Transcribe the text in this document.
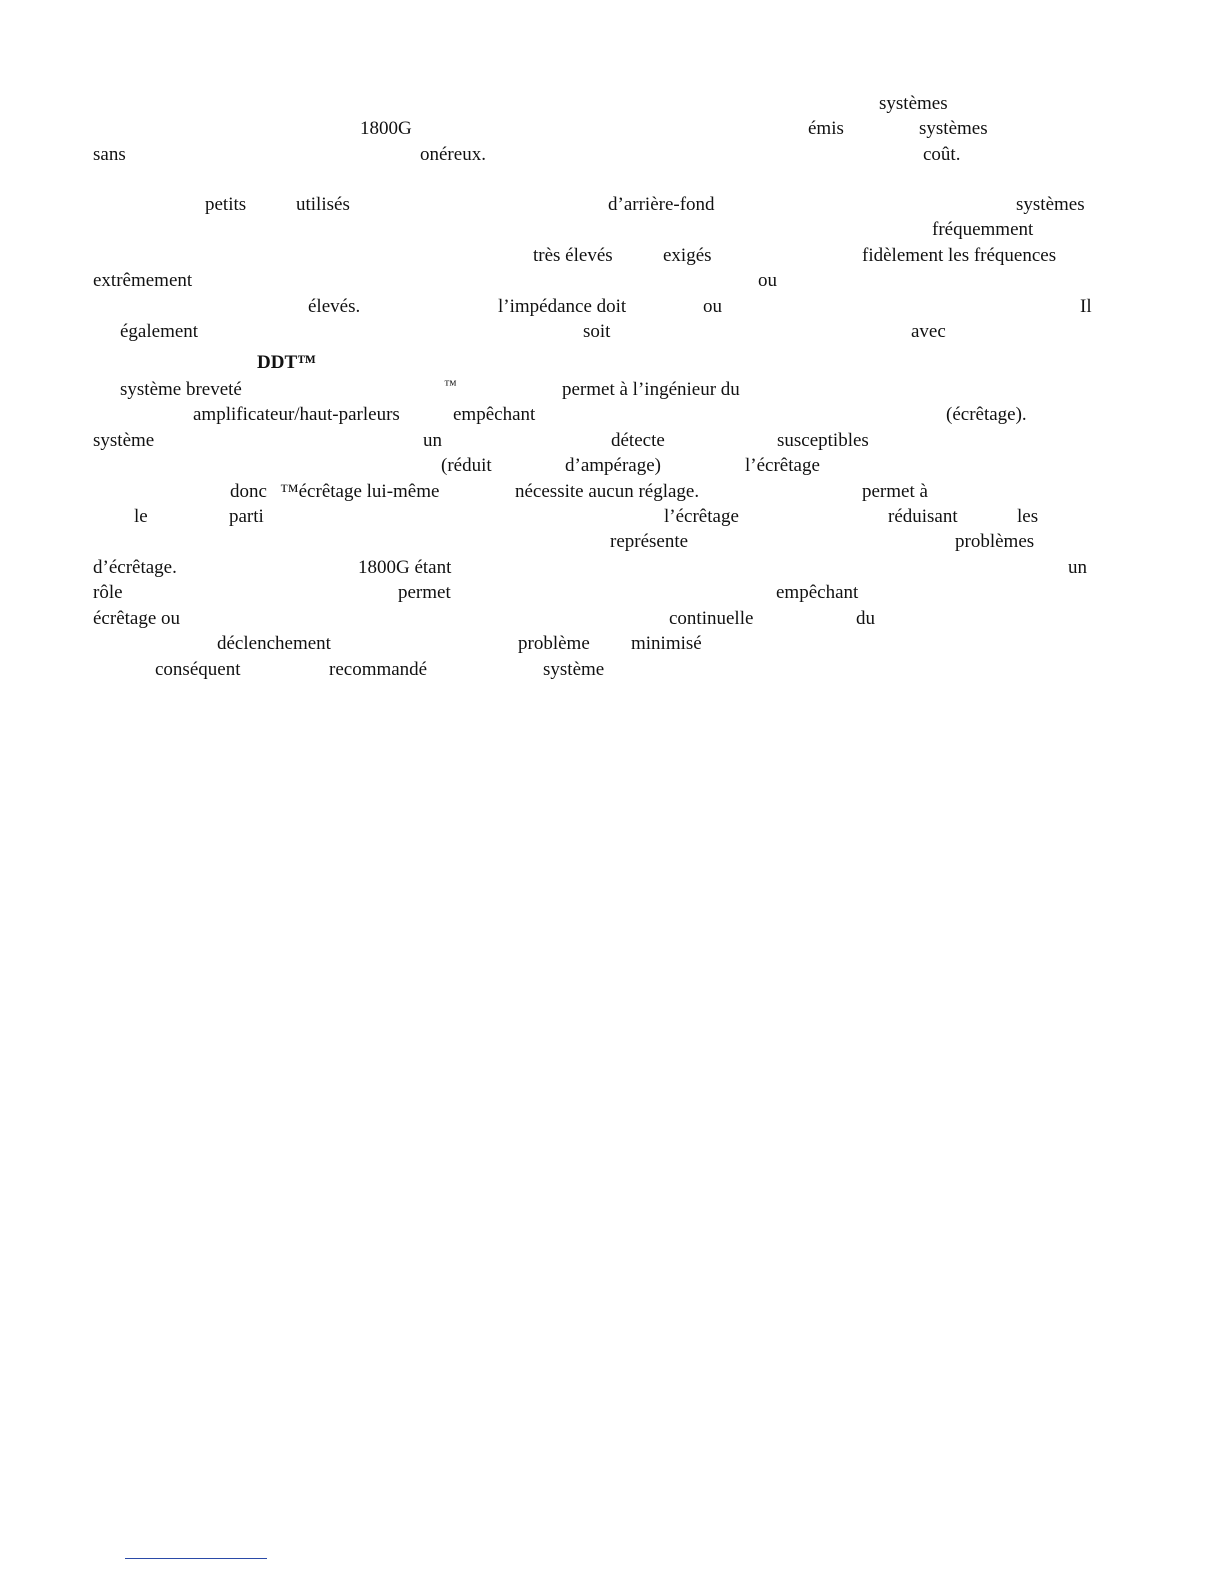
systèmes
1800G	émis	systèmes
sans	onéreux.	coût.
petits	utilisés	d’arrière-fond	systèmes
fréquemment
très élevés	exigés	fidèlement les fréquences
extrêmement	ou
élevés.	l’impédance doit	ou	Il
également	soit	avec
DDT™
système breveté	™	permet à l’ingénieur du
amplificateur/haut-parleurs	empêchant	(écrêtage).
système	un	détecte	susceptibles
(réduit	d’ampérage)	l’écrêtage
donc ™écrêtage lui-même	nécessite aucun réglage.	permet à
le	parti	l’écrêtage	réduisant	les
représente	problèmes
d’écrêtage.	1800G étant	un
rôle	permet	empêchant
écrêtage ou	continuelle	du
déclenchement	problème minimisé
conséquent	recommandé	système
